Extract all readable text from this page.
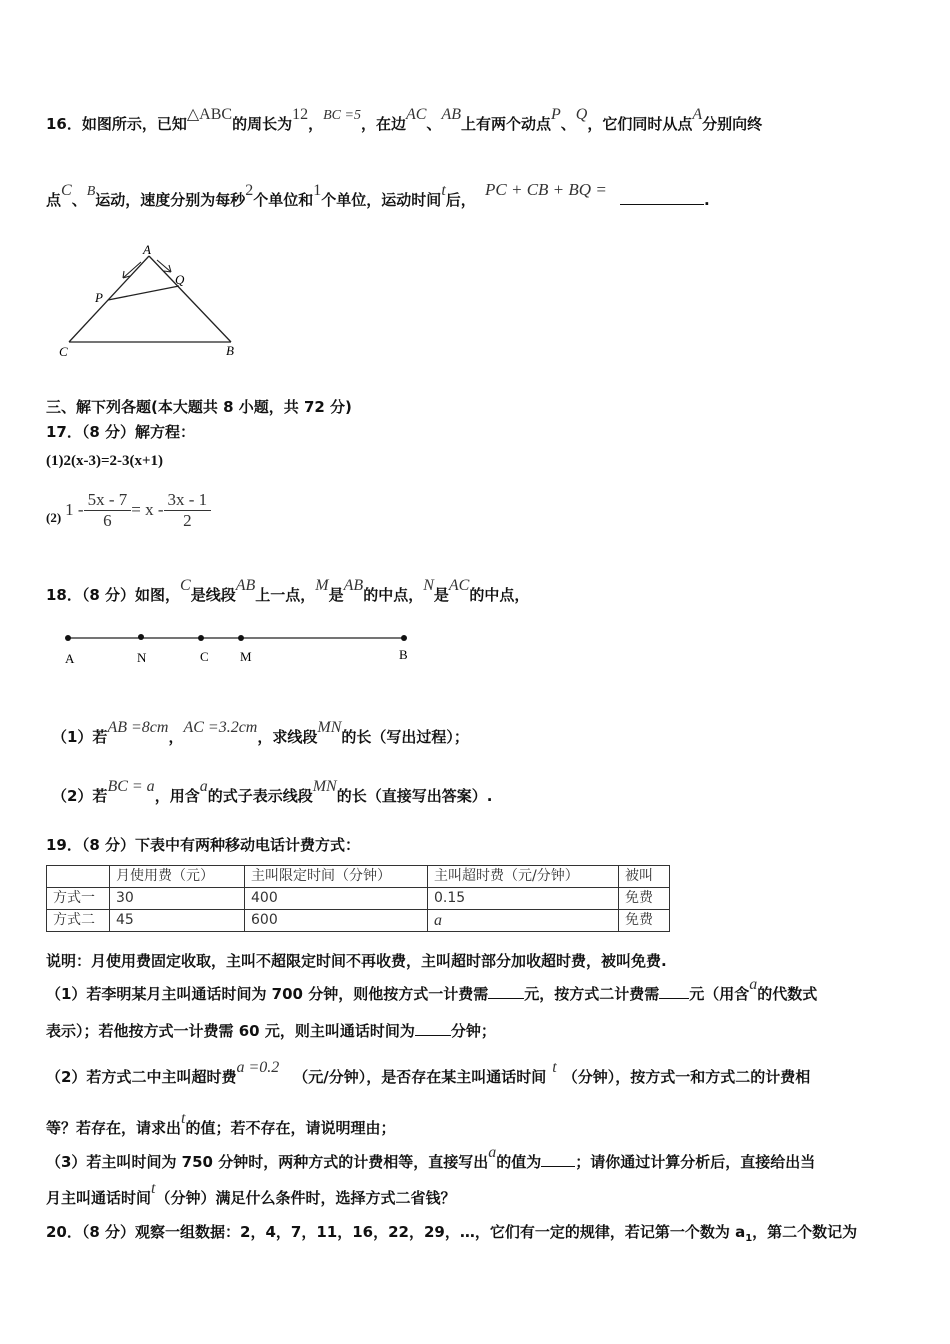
16．如图所示，已知△ABC的周长为12，BC =5，在边AC、AB上有两个动点P、Q，它们同时从点A分别向终
点C、B运动，速度分别为每秒2个单位和1个单位，运动时间t后， PC + CB + BQ = .
A
Q
P
C	B
三、解下列各题(本大题共 8 小题，共 72 分)
17．（8 分）解方程：
(1)2(x-3)=2-3(x+1)
(2) $1 - \frac{5x - 7}{6} = x - \frac{3x - 1}{2}$
18．（8 分）如图，C是线段AB上一点，M是AB的中点，N是AC的中点，
A	N	C M	B
（1）若AB =8cm，AC =3.2cm，求线段MN的长（写出过程）；
（2）若BC = a，用含a的式子表示线段MN的长（直接写出答案）.
19．（8 分）下表中有两种移动电话计费方式：
	月使用费（元）	主叫限定时间（分钟）	主叫超时费（元/分钟）	被叫
方式一	30	400	0.15	免费
方式二	45	600	a	免费
说明：月使用费固定收取，主叫不超限定时间不再收费，主叫超时部分加收超时费，被叫免费.
（1）若李明某月主叫通话时间为 700 分钟，则他按方式一计费需 元，按方式二计费需 元（用含a的代数式
表示）；若他按方式一计费需 60 元，则主叫通话时间为 分钟；
（2）若方式二中主叫超时费a =0.2（元/分钟），是否存在某主叫通话时间t（分钟），按方式一和方式二的计费相
等？若存在，请求出t的值；若不存在，请说明理由；
（3）若主叫时间为 750 分钟时，两种方式的计费相等，直接写出a的值为 ；请你通过计算分析后，直接给出当
月主叫通话时间t（分钟）满足什么条件时，选择方式二省钱？
20．（8 分）观察一组数据：2，4，7，11，16，22，29，…，它们有一定的规律，若记第一个数为 $a_1$，第二个数记为
